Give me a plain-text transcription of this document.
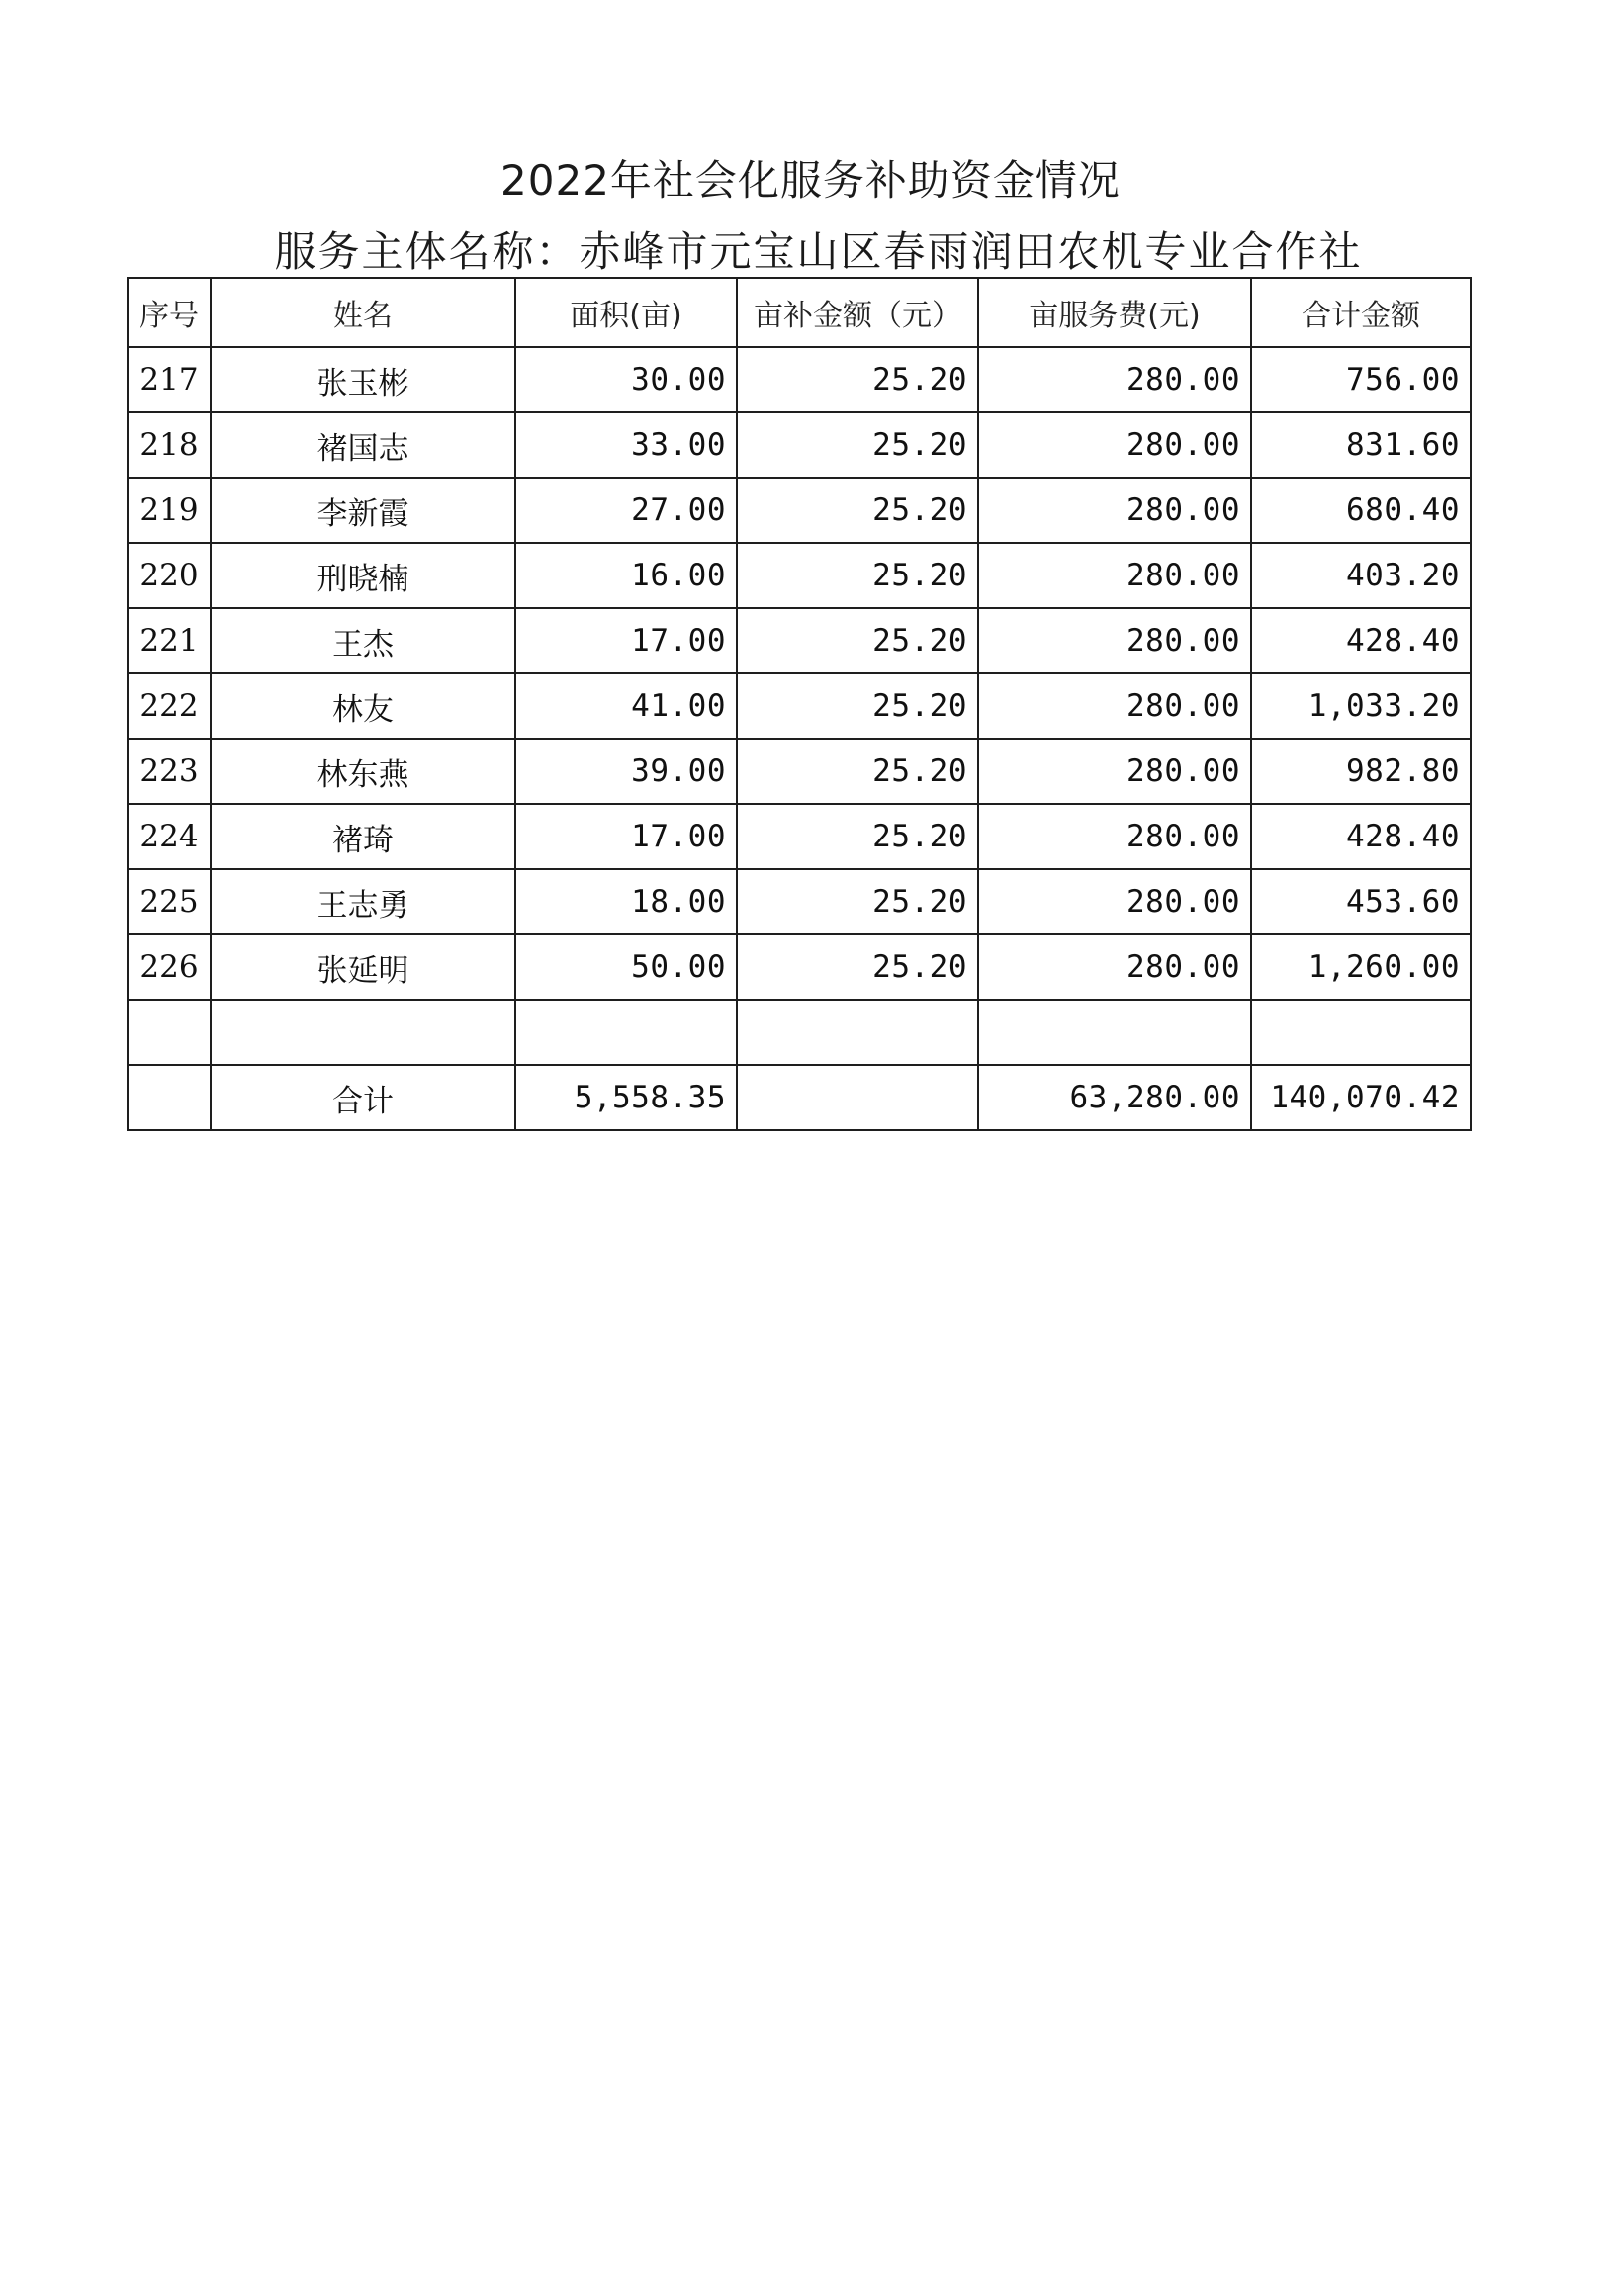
2022年社会化服务补助资金情况
服务主体名称：赤峰市元宝山区春雨润田农机专业合作社
序号	姓名	面积(亩)	亩补金额（元）	亩服务费(元)	合计金额
217	张玉彬	30.00	25.20	280.00	756.00
218	褚国志	33.00	25.20	280.00	831.60
219	李新霞	27.00	25.20	280.00	680.40
220	刑晓楠	16.00	25.20	280.00	403.20
221	王杰	17.00	25.20	280.00	428.40
222	林友	41.00	25.20	280.00	1,033.20
223	林东燕	39.00	25.20	280.00	982.80
224	褚琦	17.00	25.20	280.00	428.40
225	王志勇	18.00	25.20	280.00	453.60
226	张延明	50.00	25.20	280.00	1,260.00

	合计	5,558.35		63,280.00	140,070.42
